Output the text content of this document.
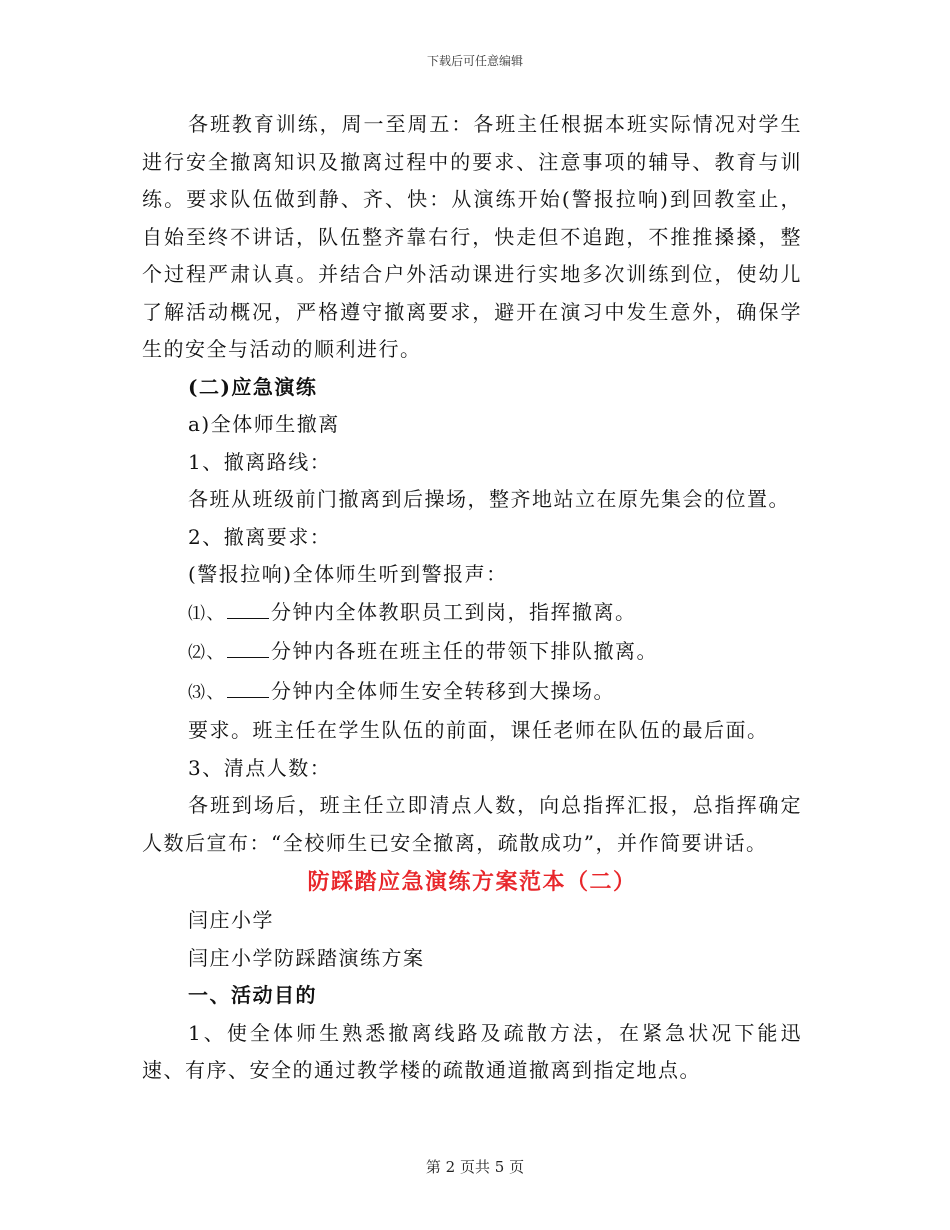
下载后可任意编辑

各班教育训练，周一至周五：各班主任根据本班实际情况对学生进行安全撤离知识及撤离过程中的要求、注意事项的辅导、教育与训练。要求队伍做到静、齐、快：从演练开始(警报拉响)到回教室止，自始至终不讲话，队伍整齐靠右行，快走但不追跑，不推推搡搡，整个过程严肃认真。并结合户外活动课进行实地多次训练到位，使幼儿了解活动概况，严格遵守撤离要求，避开在演习中发生意外，确保学生的安全与活动的顺利进行。

(二)应急演练

a)全体师生撤离

1、撤离路线：

各班从班级前门撤离到后操场，整齐地站立在原先集会的位置。

2、撤离要求：

(警报拉响)全体师生听到警报声：

⑴、 分钟内全体教职员工到岗，指挥撤离。

⑵、 分钟内各班在班主任的带领下排队撤离。

⑶、 分钟内全体师生安全转移到大操场。

要求。班主任在学生队伍的前面，课任老师在队伍的最后面。

3、清点人数：

各班到场后，班主任立即清点人数，向总指挥汇报，总指挥确定人数后宣布：“全校师生已安全撤离，疏散成功”，并作简要讲话。

防踩踏应急演练方案范本（二）

闫庄小学

闫庄小学防踩踏演练方案

一、活动目的

1、使全体师生熟悉撤离线路及疏散方法，在紧急状况下能迅速、有序、安全的通过教学楼的疏散通道撤离到指定地点。

第 2 页共 5 页
